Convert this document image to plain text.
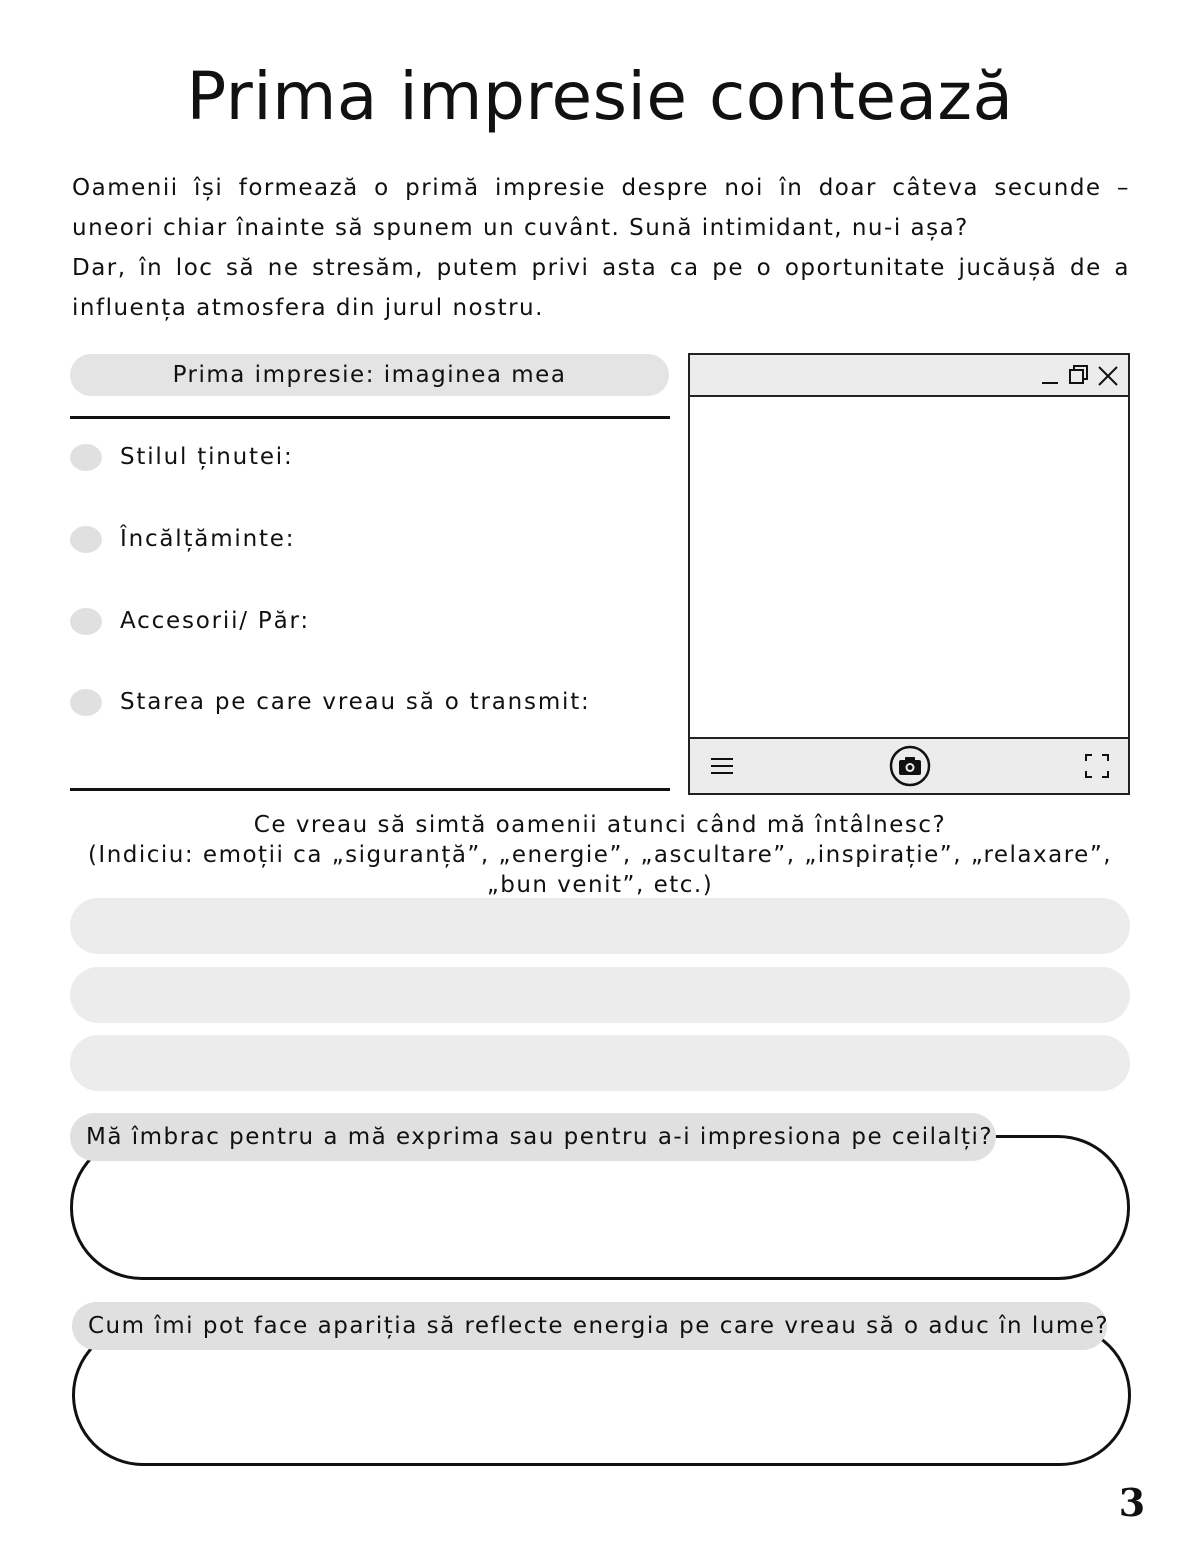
Prima impresie contează

Oamenii își formează o primă impresie despre noi în doar câteva secunde – uneori chiar înainte să spunem un cuvânt. Sună intimidant, nu-i așa?

Dar, în loc să ne stresăm, putem privi asta ca pe o oportunitate jucăușă de a influența atmosfera din jurul nostru.

Prima impresie: imaginea mea
Stilul ținutei:
Încălțăminte:
Accesorii/ Păr:
Starea pe care vreau să o transmit:
Ce vreau să simtă oamenii atunci când mă întâlnesc?
(Indiciu: emoții ca „siguranță”, „energie”, „ascultare”, „inspirație”, „relaxare”,
„bun venit”, etc.)
Mă îmbrac pentru a mă exprima sau pentru a-i impresiona pe ceilalți?
Cum îmi pot face apariția să reflecte energia pe care vreau să o aduc în lume?
3
